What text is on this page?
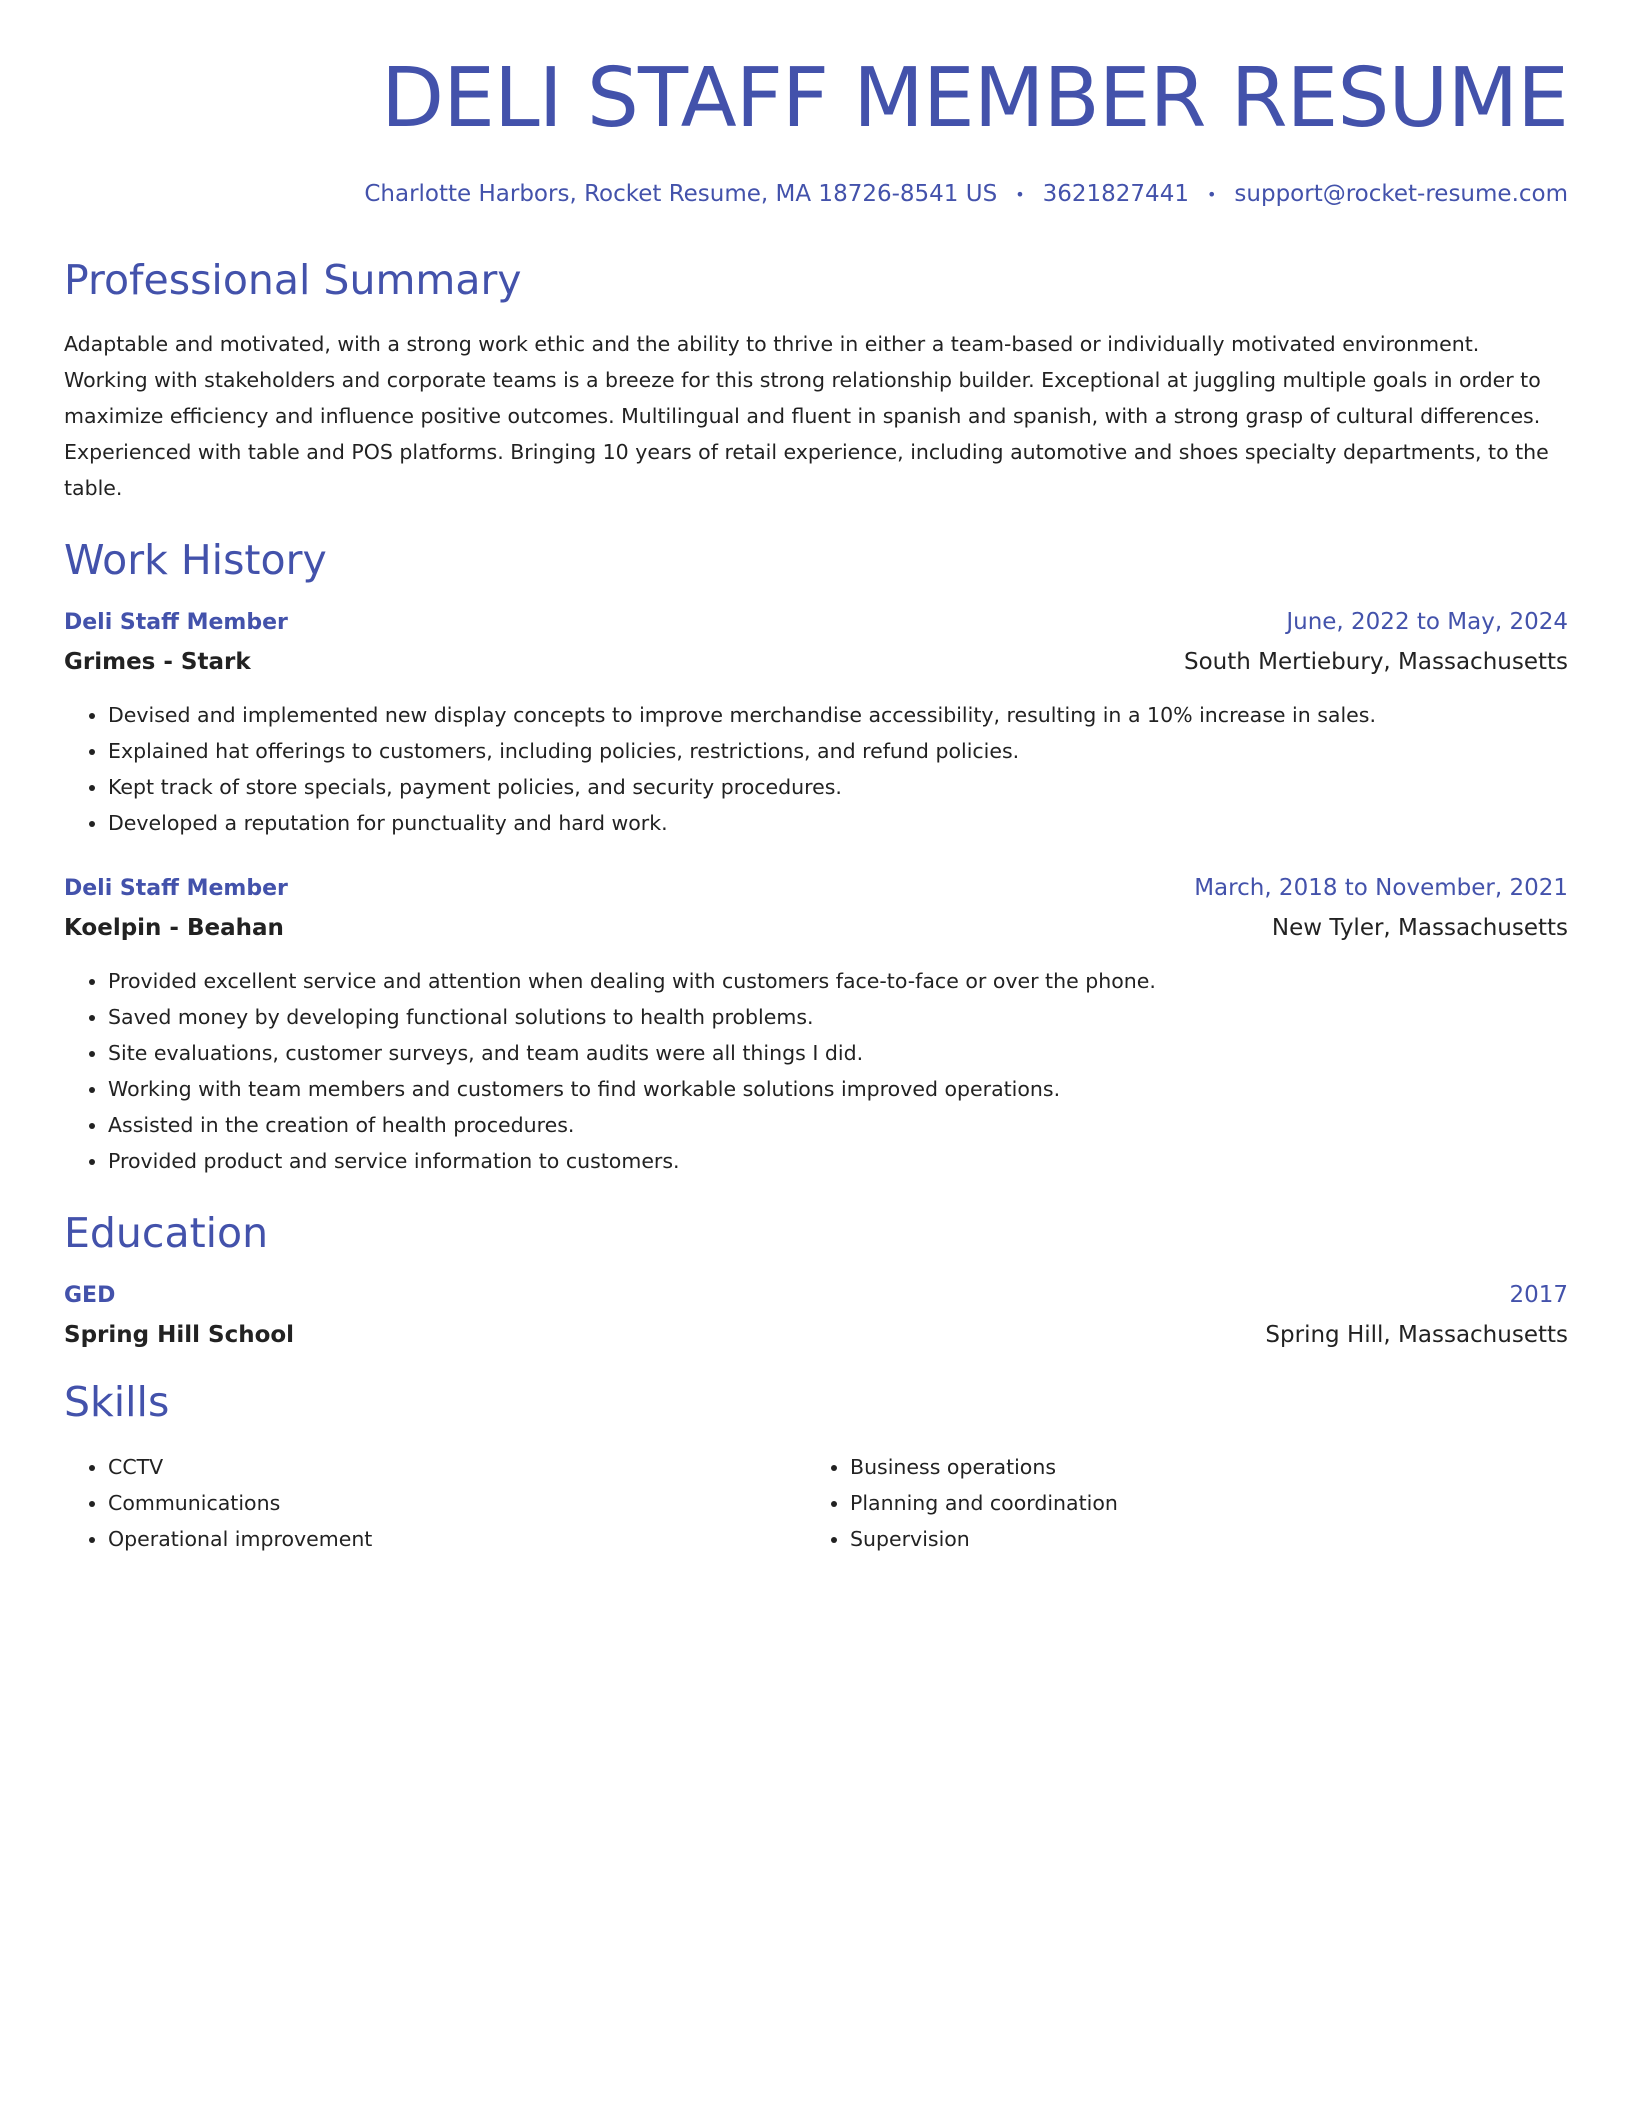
DELI STAFF MEMBER RESUME
Charlotte Harbors, Rocket Resume, MA 18726-8541 US • 3621827441 • support@rocket-resume.com
Professional Summary
Adaptable and motivated, with a strong work ethic and the ability to thrive in either a team-based or individually motivated environment. Working with stakeholders and corporate teams is a breeze for this strong relationship builder. Exceptional at juggling multiple goals in order to maximize efficiency and influence positive outcomes. Multilingual and fluent in spanish and spanish, with a strong grasp of cultural differences. Experienced with table and POS platforms. Bringing 10 years of retail experience, including automotive and shoes specialty departments, to the table.
Work History
Deli Staff Member	June, 2022 to May, 2024
Grimes - Stark	South Mertiebury, Massachusetts
• Devised and implemented new display concepts to improve merchandise accessibility, resulting in a 10% increase in sales.
• Explained hat offerings to customers, including policies, restrictions, and refund policies.
• Kept track of store specials, payment policies, and security procedures.
• Developed a reputation for punctuality and hard work.
Deli Staff Member	March, 2018 to November, 2021
Koelpin - Beahan	New Tyler, Massachusetts
• Provided excellent service and attention when dealing with customers face-to-face or over the phone.
• Saved money by developing functional solutions to health problems.
• Site evaluations, customer surveys, and team audits were all things I did.
• Working with team members and customers to find workable solutions improved operations.
• Assisted in the creation of health procedures.
• Provided product and service information to customers.
Education
GED	2017
Spring Hill School	Spring Hill, Massachusetts
Skills
• CCTV
• Communications
• Operational improvement
• Business operations
• Planning and coordination
• Supervision
